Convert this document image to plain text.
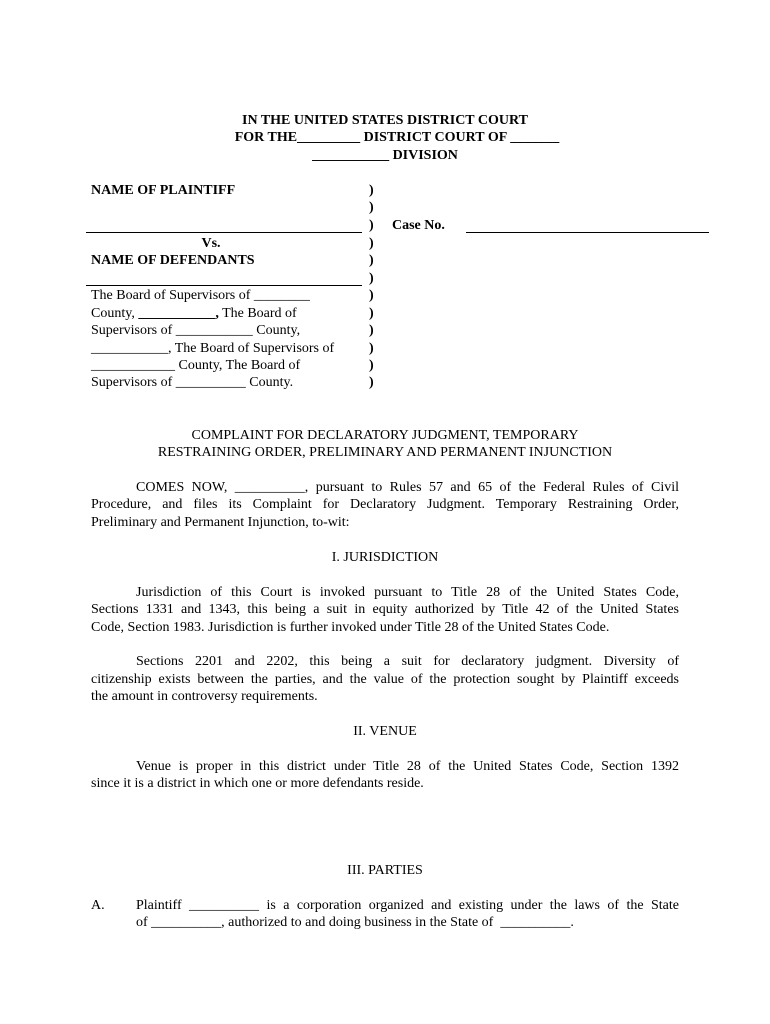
IN THE UNITED STATES DISTRICT COURT
FOR THE_________ DISTRICT COURT OF _______
___________ DIVISION
NAME OF PLAINTIFF
Vs.
NAME OF DEFENDANTS
The Board of Supervisors of ________
County, ___________, The Board of
Supervisors of ___________ County,
___________, The Board of Supervisors of
____________ County, The Board of
Supervisors of __________ County.
)
)
)
)
)
)
)
)
)
)
)
)
Case No.
COMPLAINT FOR DECLARATORY JUDGMENT, TEMPORARY
RESTRAINING ORDER, PRELIMINARY AND PERMANENT INJUNCTION
COMES NOW, __________, pursuant to Rules 57 and 65 of the Federal Rules of Civil
Procedure, and files its Complaint for Declaratory Judgment. Temporary Restraining Order,
Preliminary and Permanent Injunction, to-wit:
I. JURISDICTION
Jurisdiction of this Court is invoked pursuant to Title 28 of the United States Code,
Sections 1331 and 1343, this being a suit in equity authorized by Title 42 of the United States
Code, Section 1983. Jurisdiction is further invoked under Title 28 of the United States Code.
Sections 2201 and 2202, this being a suit for declaratory judgment. Diversity of
citizenship exists between the parties, and the value of the protection sought by Plaintiff exceeds
the amount in controversy requirements.
II. VENUE
Venue is proper in this district under Title 28 of the United States Code, Section 1392
since it is a district in which one or more defendants reside.
III. PARTIES
A. Plaintiff __________ is a corporation organized and existing under the laws of the State
of __________, authorized to and doing business in the State of  __________.
